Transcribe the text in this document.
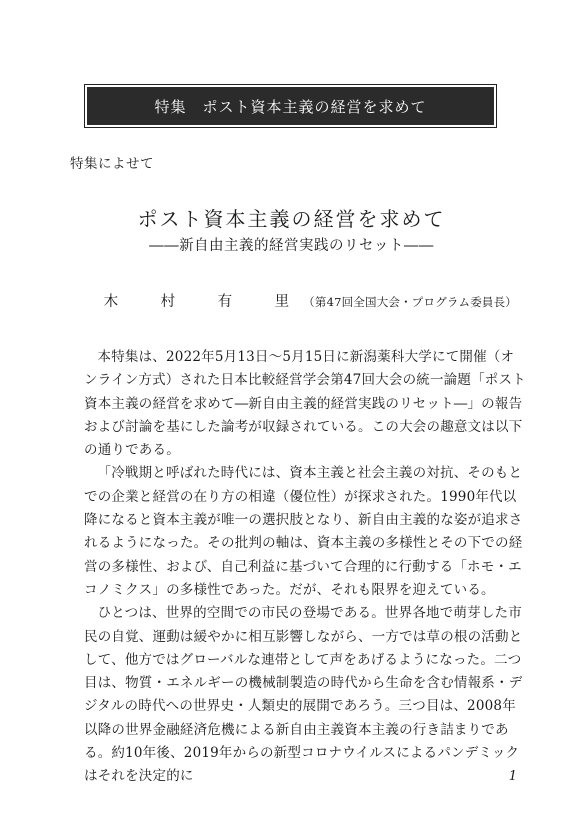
特集　ポスト資本主義の経営を求めて
特集によせて
ポスト資本主義の経営を求めて
――新自由主義的経営実践のリセット――
木　村　有　里（第47回全国大会・プログラム委員長）

本特集は、2022年5月13日〜5月15日に新潟薬科大学にて開催（オンライン方式）された日本比較経営学会第47回大会の統一論題「ポスト資本主義の経営を求めて―新自由主義的経営実践のリセット―」の報告および討論を基にした論考が収録されている。この大会の趣意文は以下の通りである。

「冷戦期と呼ばれた時代には、資本主義と社会主義の対抗、そのもとでの企業と経営の在り方の相違（優位性）が探求された。1990年代以降になると資本主義が唯一の選択肢となり、新自由主義的な姿が追求されるようになった。その批判の軸は、資本主義の多様性とその下での経営の多様性、および、自己利益に基づいて合理的に行動する「ホモ・エコノミクス」の多様性であった。だが、それも限界を迎えている。

ひとつは、世界的空間での市民の登場である。世界各地で萌芽した市民の自覚、運動は緩やかに相互影響しながら、一方では草の根の活動として、他方ではグローバルな連帯として声をあげるようになった。二つ目は、物質・エネルギーの機械制製造の時代から生命を含む情報系・デジタルの時代への世界史・人類史的展開であろう。三つ目は、2008年以降の世界金融経済危機による新自由主義資本主義の行き詰まりである。約10年後、2019年からの新型コロナウイルスによるパンデミックはそれを決定的に	1
